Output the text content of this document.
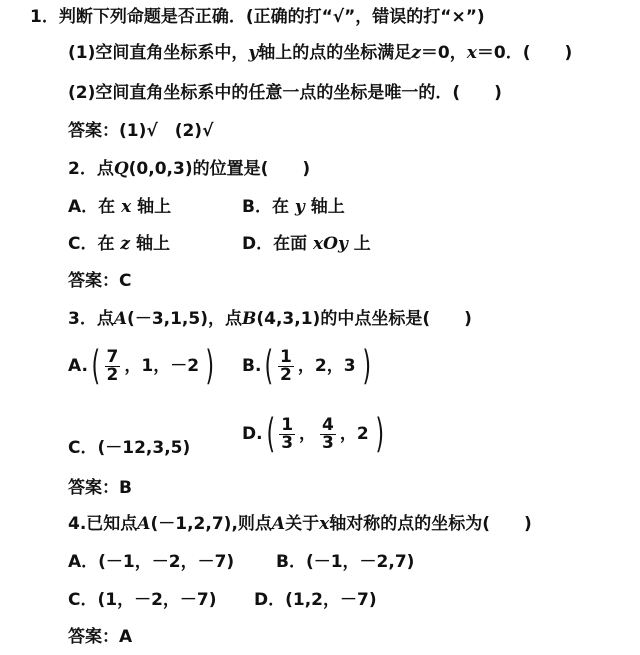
1．判断下列命题是否正确．(正确的打“√”，错误的打“×”)
(1)空间直角坐标系中，y轴上的点的坐标满足z＝0，x＝0．(　　)
(2)空间直角坐标系中的任意一点的坐标是唯一的．(　　)
答案：(1)√　(2)√
2．点Q(0,0,3)的位置是(　　)
A．在 x 轴上	B．在 y 轴上
C．在 z 轴上	D．在面 xOy 上
答案：C
3．点A(－3,1,5)，点B(4,3,1)的中点坐标是(　　)
A. ( $\frac{7}{2}$ ，1，－2 ) B. ( $\frac{1}{2}$ ，2，3 )
C．(－12,3,5)
D. ( $\frac{1}{3}$ ， $\frac{4}{3}$ ，2 )
答案：B
4.已知点A(－1,2,7),则点A关于x轴对称的点的坐标为(　　)
A．(－1，－2，－7) B．(－1，－2,7)
C．(1，－2，－7) D．(1,2，－7)
答案：A
